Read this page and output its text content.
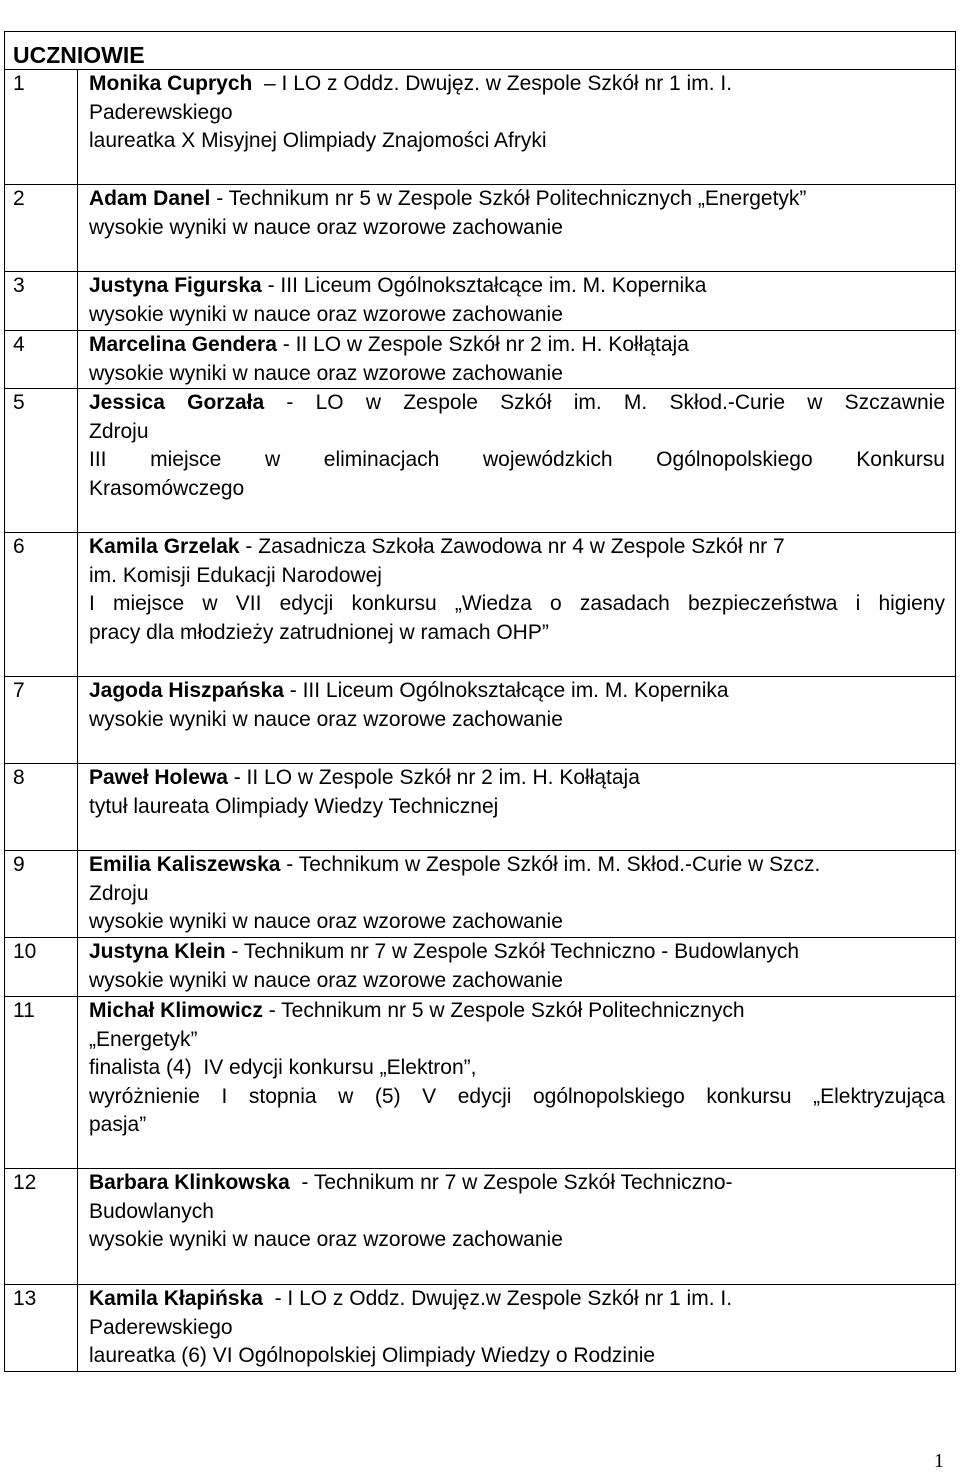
UCZNIOWIE	

1	Monika Cuprych  – I LO z Oddz. Dwujęz. w Zespole Szkół nr 1 im. I.
Paderewskiego
laureatka X Misyjnej Olimpiady Znajomości Afryki

2	Adam Danel - Technikum nr 5 w Zespole Szkół Politechnicznych „Energetyk”
wysokie wyniki w nauce oraz wzorowe zachowanie

3	Justyna Figurska - III Liceum Ogólnokształcące im. M. Kopernika
wysokie wyniki w nauce oraz wzorowe zachowanie

4	Marcelina Gendera - II LO w Zespole Szkół nr 2 im. H. Kołłątaja
wysokie wyniki w nauce oraz wzorowe zachowanie

5	Jessica Gorzała - LO w Zespole Szkół im. M. Skłod.-Curie w Szczawnie
Zdroju
III miejsce w eliminacjach wojewódzkich Ogólnopolskiego Konkursu
Krasomówczego

6	Kamila Grzelak - Zasadnicza Szkoła Zawodowa nr 4 w Zespole Szkół nr 7
im. Komisji Edukacji Narodowej
I miejsce w VII edycji konkursu „Wiedza o zasadach bezpieczeństwa i higieny
pracy dla młodzieży zatrudnionej w ramach OHP”

7	Jagoda Hiszpańska - III Liceum Ogólnokształcące im. M. Kopernika
wysokie wyniki w nauce oraz wzorowe zachowanie

8	Paweł Holewa - II LO w Zespole Szkół nr 2 im. H. Kołłątaja
tytuł laureata Olimpiady Wiedzy Technicznej

9	Emilia Kaliszewska - Technikum w Zespole Szkół im. M. Skłod.-Curie w Szcz.
Zdroju
wysokie wyniki w nauce oraz wzorowe zachowanie

10	Justyna Klein - Technikum nr 7 w Zespole Szkół Techniczno - Budowlanych
wysokie wyniki w nauce oraz wzorowe zachowanie

11	Michał Klimowicz - Technikum nr 5 w Zespole Szkół Politechnicznych
„Energetyk”
finalista (4)  IV edycji konkursu „Elektron”,
wyróżnienie I stopnia w (5) V edycji ogólnopolskiego konkursu „Elektryzująca
pasja”

12	Barbara Klinkowska  - Technikum nr 7 w Zespole Szkół Techniczno-
Budowlanych
wysokie wyniki w nauce oraz wzorowe zachowanie

13	Kamila Kłapińska  - I LO z Oddz. Dwujęz.w Zespole Szkół nr 1 im. I.
Paderewskiego
laureatka (6) VI Ogólnopolskiej Olimpiady Wiedzy o Rodzinie
1
